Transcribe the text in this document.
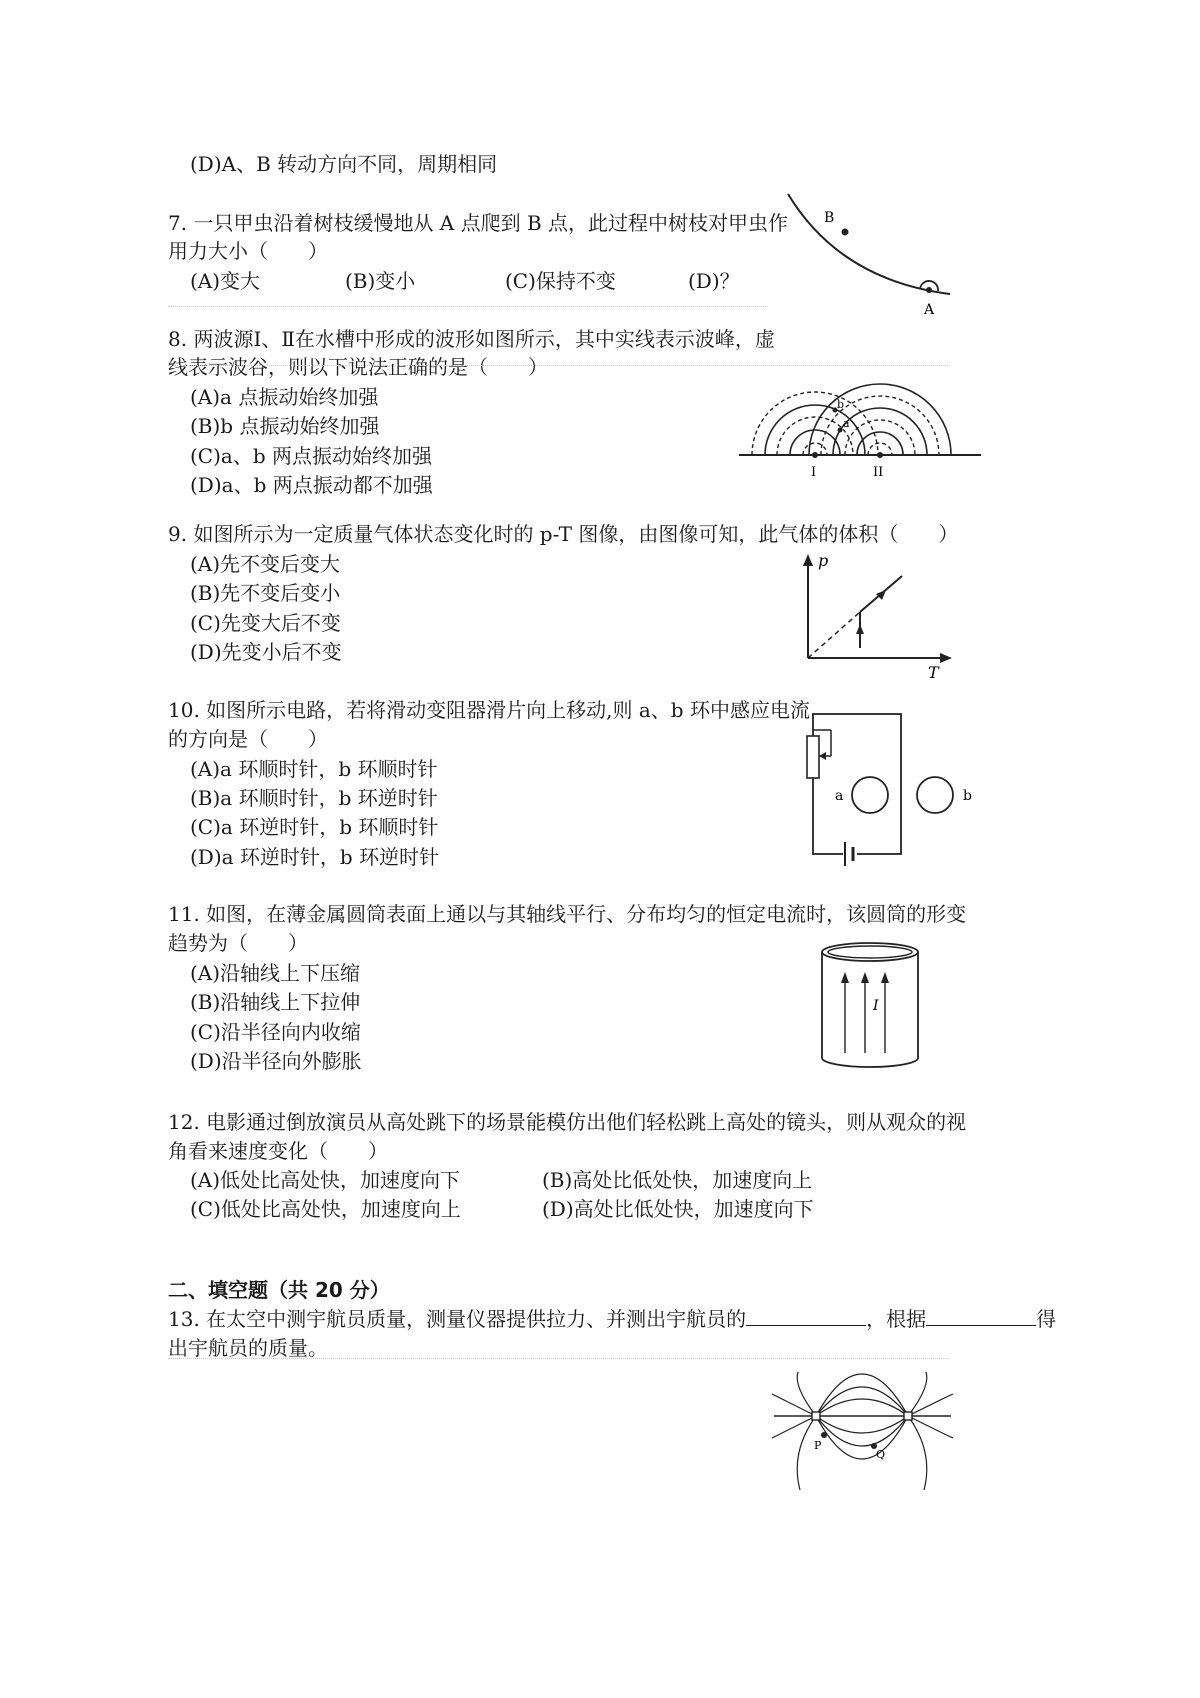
(D)A、B 转动方向不同，周期相同
7. 一只甲虫沿着树枝缓慢地从 A 点爬到 B 点，此过程中树枝对甲虫作
用力大小（　　）
(A)变大	(B)变小	(C)保持不变	(D)？
B
A
8. 两波源Ⅰ、Ⅱ在水槽中形成的波形如图所示，其中实线表示波峰，虚
线表示波谷，则以下说法正确的是（　　）
(A)a 点振动始终加强
(B)b 点振动始终加强
(C)a、b 两点振动始终加强
(D)a、b 两点振动都不加强
a
b
I	II
9. 如图所示为一定质量气体状态变化时的 p-T 图像，由图像可知，此气体的体积（　　）
(A)先不变后变大
(B)先不变后变小
(C)先变大后不变
(D)先变小后不变
p
T
10. 如图所示电路，若将滑动变阻器滑片向上移动,则 a、b 环中感应电流
的方向是（　　）
(A)a 环顺时针，b 环顺时针
(B)a 环顺时针，b 环逆时针
(C)a 环逆时针，b 环顺时针
(D)a 环逆时针，b 环逆时针
a	b
11. 如图，在薄金属圆筒表面上通以与其轴线平行、分布均匀的恒定电流时，该圆筒的形变
趋势为（　　）
(A)沿轴线上下压缩
(B)沿轴线上下拉伸
(C)沿半径向内收缩
(D)沿半径向外膨胀
I
12. 电影通过倒放演员从高处跳下的场景能模仿出他们轻松跳上高处的镜头，则从观众的视
角看来速度变化（　　）
(A)低处比高处快，加速度向下	(B)高处比低处快，加速度向上
(C)低处比高处快，加速度向上	(D)高处比低处快，加速度向下
二、填空题（共 20 分）
13. 在太空中测宇航员质量，测量仪器提供拉力、并测出宇航员的	，根据	得
出宇航员的质量。
P
Q
